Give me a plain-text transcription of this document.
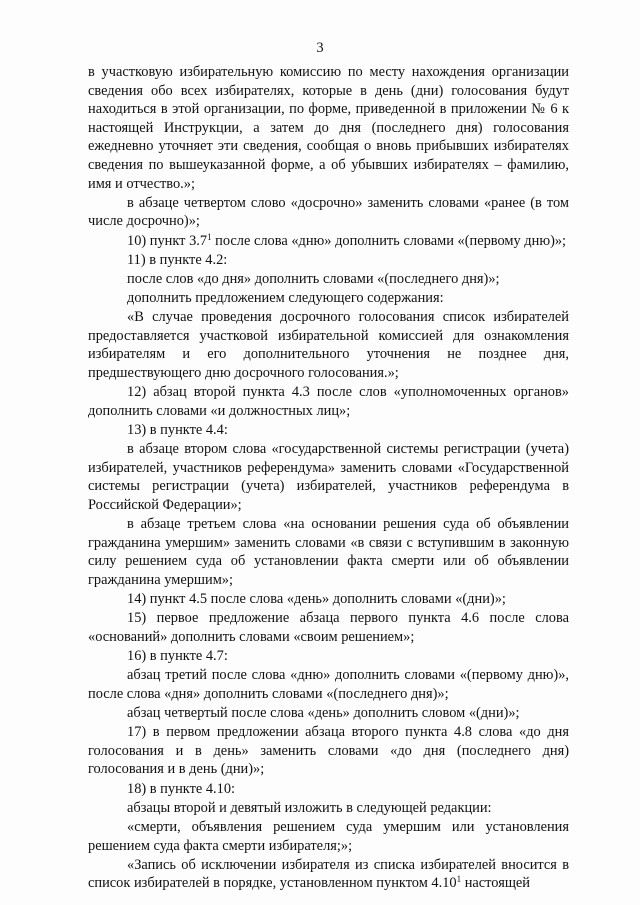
3

в участковую избирательную комиссию по месту нахождения организации сведения обо всех избирателях, которые в день (дни) голосования будут находиться в этой организации, по форме, приведенной в приложении № 6 к настоящей Инструкции, а затем до дня (последнего дня) голосования ежедневно уточняет эти сведения, сообщая о вновь прибывших избирателях сведения по вышеуказанной форме, а об убывших избирателях – фамилию, имя и отчество.»;

в абзаце четвертом слово «досрочно» заменить словами «ранее (в том числе досрочно)»;

10) пункт 3.7$^1$ после слова «дню» дополнить словами «(первому дню)»;

11) в пункте 4.2:

после слов «до дня» дополнить словами «(последнего дня)»;

дополнить предложением следующего содержания:

«В случае проведения досрочного голосования список избирателей предоставляется участковой избирательной комиссией для ознакомления избирателям и его дополнительного уточнения не позднее дня, предшествующего дню досрочного голосования.»;

12) абзац второй пункта 4.3 после слов «уполномоченных органов» дополнить словами «и должностных лиц»;

13) в пункте 4.4:

в абзаце втором слова «государственной системы регистрации (учета) избирателей, участников референдума» заменить словами «Государственной системы регистрации (учета) избирателей, участников референдума в Российской Федерации»;

в абзаце третьем слова «на основании решения суда об объявлении гражданина умершим» заменить словами «в связи с вступившим в законную силу решением суда об установлении факта смерти или об объявлении гражданина умершим»;

14) пункт 4.5 после слова «день» дополнить словами «(дни)»;

15) первое предложение абзаца первого пункта 4.6 после слова «оснований» дополнить словами «своим решением»;

16) в пункте 4.7:

абзац третий после слова «дню» дополнить словами «(первому дню)», после слова «дня» дополнить словами «(последнего дня)»;

абзац четвертый после слова «день» дополнить словом «(дни)»;

17) в первом предложении абзаца второго пункта 4.8 слова «до дня голосования и в день» заменить словами «до дня (последнего дня) голосования и в день (дни)»;

18) в пункте 4.10:

абзацы второй и девятый изложить в следующей редакции:

«смерти, объявления решением суда умершим или установления решением суда факта смерти избирателя;»;

«Запись об исключении избирателя из списка избирателей вносится в список избирателей в порядке, установленном пунктом 4.10$^1$ настоящей
